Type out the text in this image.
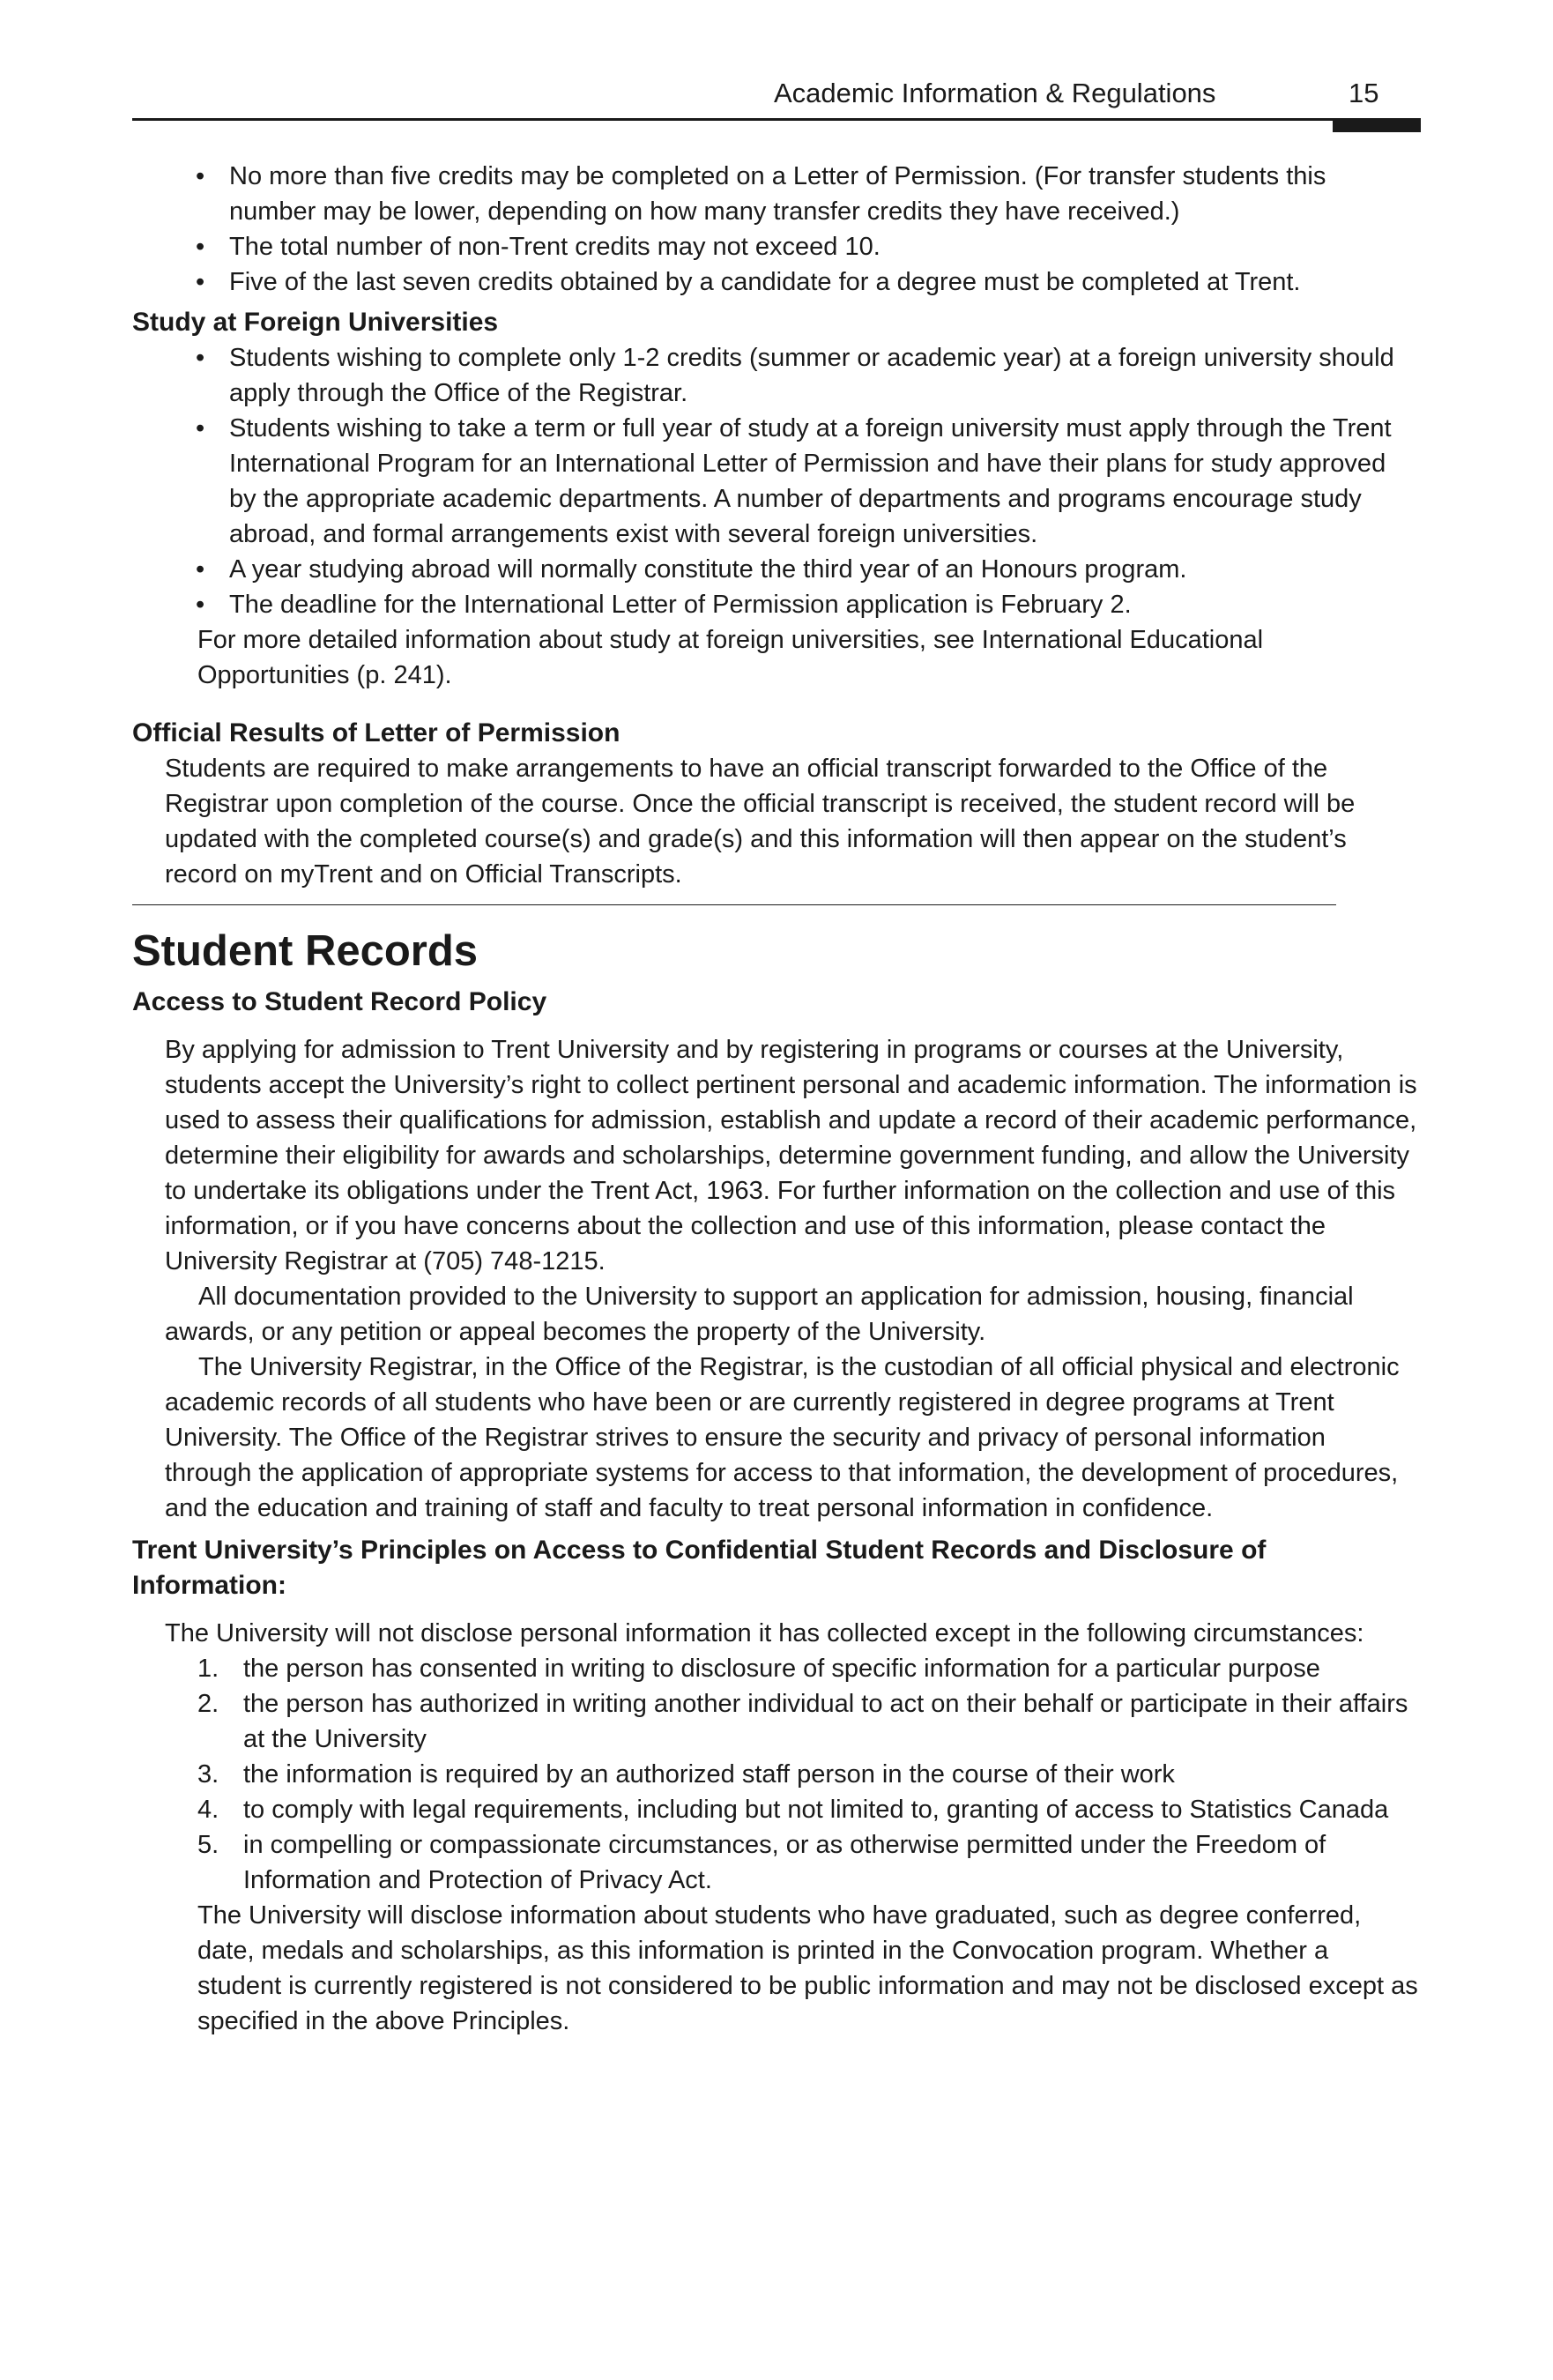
Academic Information & Regulations	15
• No more than five credits may be completed on a Letter of Permission. (For transfer students this number may be lower, depending on how many transfer credits they have received.)
• The total number of non-Trent credits may not exceed 10.
• Five of the last seven credits obtained by a candidate for a degree must be completed at Trent.
Study at Foreign Universities
• Students wishing to complete only 1-2 credits (summer or academic year) at a foreign university should apply through the Office of the Registrar.
• Students wishing to take a term or full year of study at a foreign university must apply through the Trent International Program for an International Letter of Permission and have their plans for study approved by the appropriate academic departments. A number of departments and programs encourage study abroad, and formal arrangements exist with several foreign universities.
• A year studying abroad will normally constitute the third year of an Honours program.
• The deadline for the International Letter of Permission application is February 2.

For more detailed information about study at foreign universities, see International Educational Opportunities (p. 241).

Official Results of Letter of Permission

Students are required to make arrangements to have an official transcript forwarded to the Office of the Registrar upon completion of the course. Once the official transcript is received, the student record will be updated with the completed course(s) and grade(s) and this information will then appear on the student’s record on myTrent and on Official Transcripts.

Student Records
Access to Student Record Policy

By applying for admission to Trent University and by registering in programs or courses at the University, students accept the University’s right to collect pertinent personal and academic information. The information is used to assess their qualifications for admission, establish and update a record of their academic performance, determine their eligibility for awards and scholarships, determine government funding, and allow the University to undertake its obligations under the Trent Act, 1963. For further information on the collection and use of this information, or if you have concerns about the collection and use of this information, please contact the University Registrar at (705) 748-1215.

All documentation provided to the University to support an application for admission, housing, financial awards, or any petition or appeal becomes the property of the University.

The University Registrar, in the Office of the Registrar, is the custodian of all official physical and electronic academic records of all students who have been or are currently registered in degree programs at Trent University. The Office of the Registrar strives to ensure the security and privacy of personal information through the application of appropriate systems for access to that information, the development of procedures, and the education and training of staff and faculty to treat personal information in confidence.

Trent University’s Principles on Access to Confidential Student Records and Disclosure of Information:

The University will not disclose personal information it has collected except in the following circumstances:

1. the person has consented in writing to disclosure of specific information for a particular purpose
2. the person has authorized in writing another individual to act on their behalf or participate in their affairs at the University
3. the information is required by an authorized staff person in the course of their work
4. to comply with legal requirements, including but not limited to, granting of access to Statistics Canada
5. in compelling or compassionate circumstances, or as otherwise permitted under the Freedom of Information and Protection of Privacy Act.

The University will disclose information about students who have graduated, such as degree conferred, date, medals and scholarships, as this information is printed in the Convocation program. Whether a student is currently registered is not considered to be public information and may not be disclosed except as specified in the above Principles.
